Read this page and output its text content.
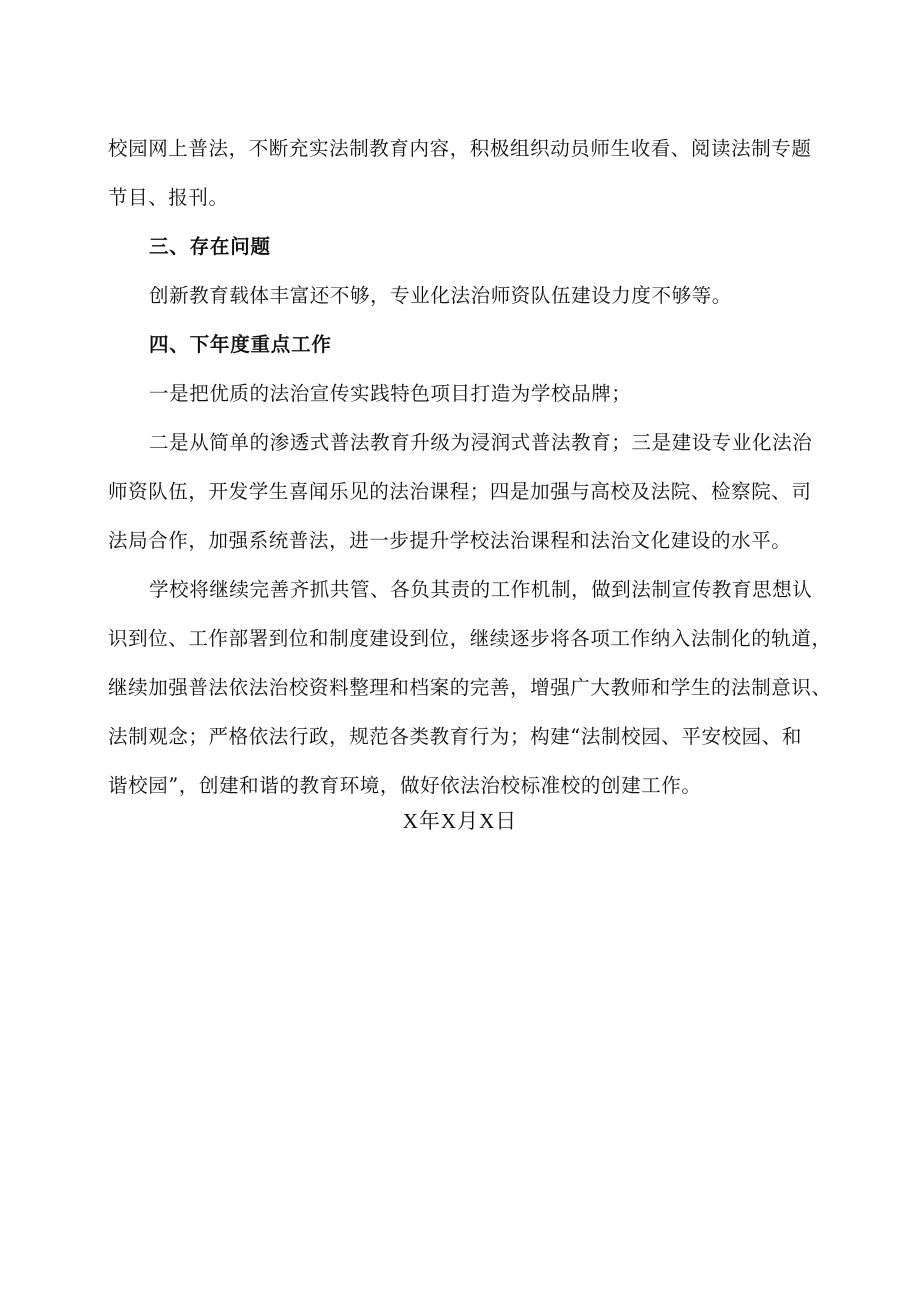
校园网上普法，不断充实法制教育内容，积极组织动员师生收看、阅读法制专题
节目、报刊。
三、存在问题
创新教育载体丰富还不够，专业化法治师资队伍建设力度不够等。
四、下年度重点工作
一是把优质的法治宣传实践特色项目打造为学校品牌；
二是从简单的渗透式普法教育升级为浸润式普法教育；三是建设专业化法治
师资队伍，开发学生喜闻乐见的法治课程；四是加强与高校及法院、检察院、司
法局合作，加强系统普法，进一步提升学校法治课程和法治文化建设的水平。
学校将继续完善齐抓共管、各负其责的工作机制，做到法制宣传教育思想认
识到位、工作部署到位和制度建设到位，继续逐步将各项工作纳入法制化的轨道，
继续加强普法依法治校资料整理和档案的完善，增强广大教师和学生的法制意识、
法制观念；严格依法行政，规范各类教育行为；构建“法制校园、平安校园、和
谐校园”，创建和谐的教育环境，做好依法治校标准校的创建工作。
X年X月X日
